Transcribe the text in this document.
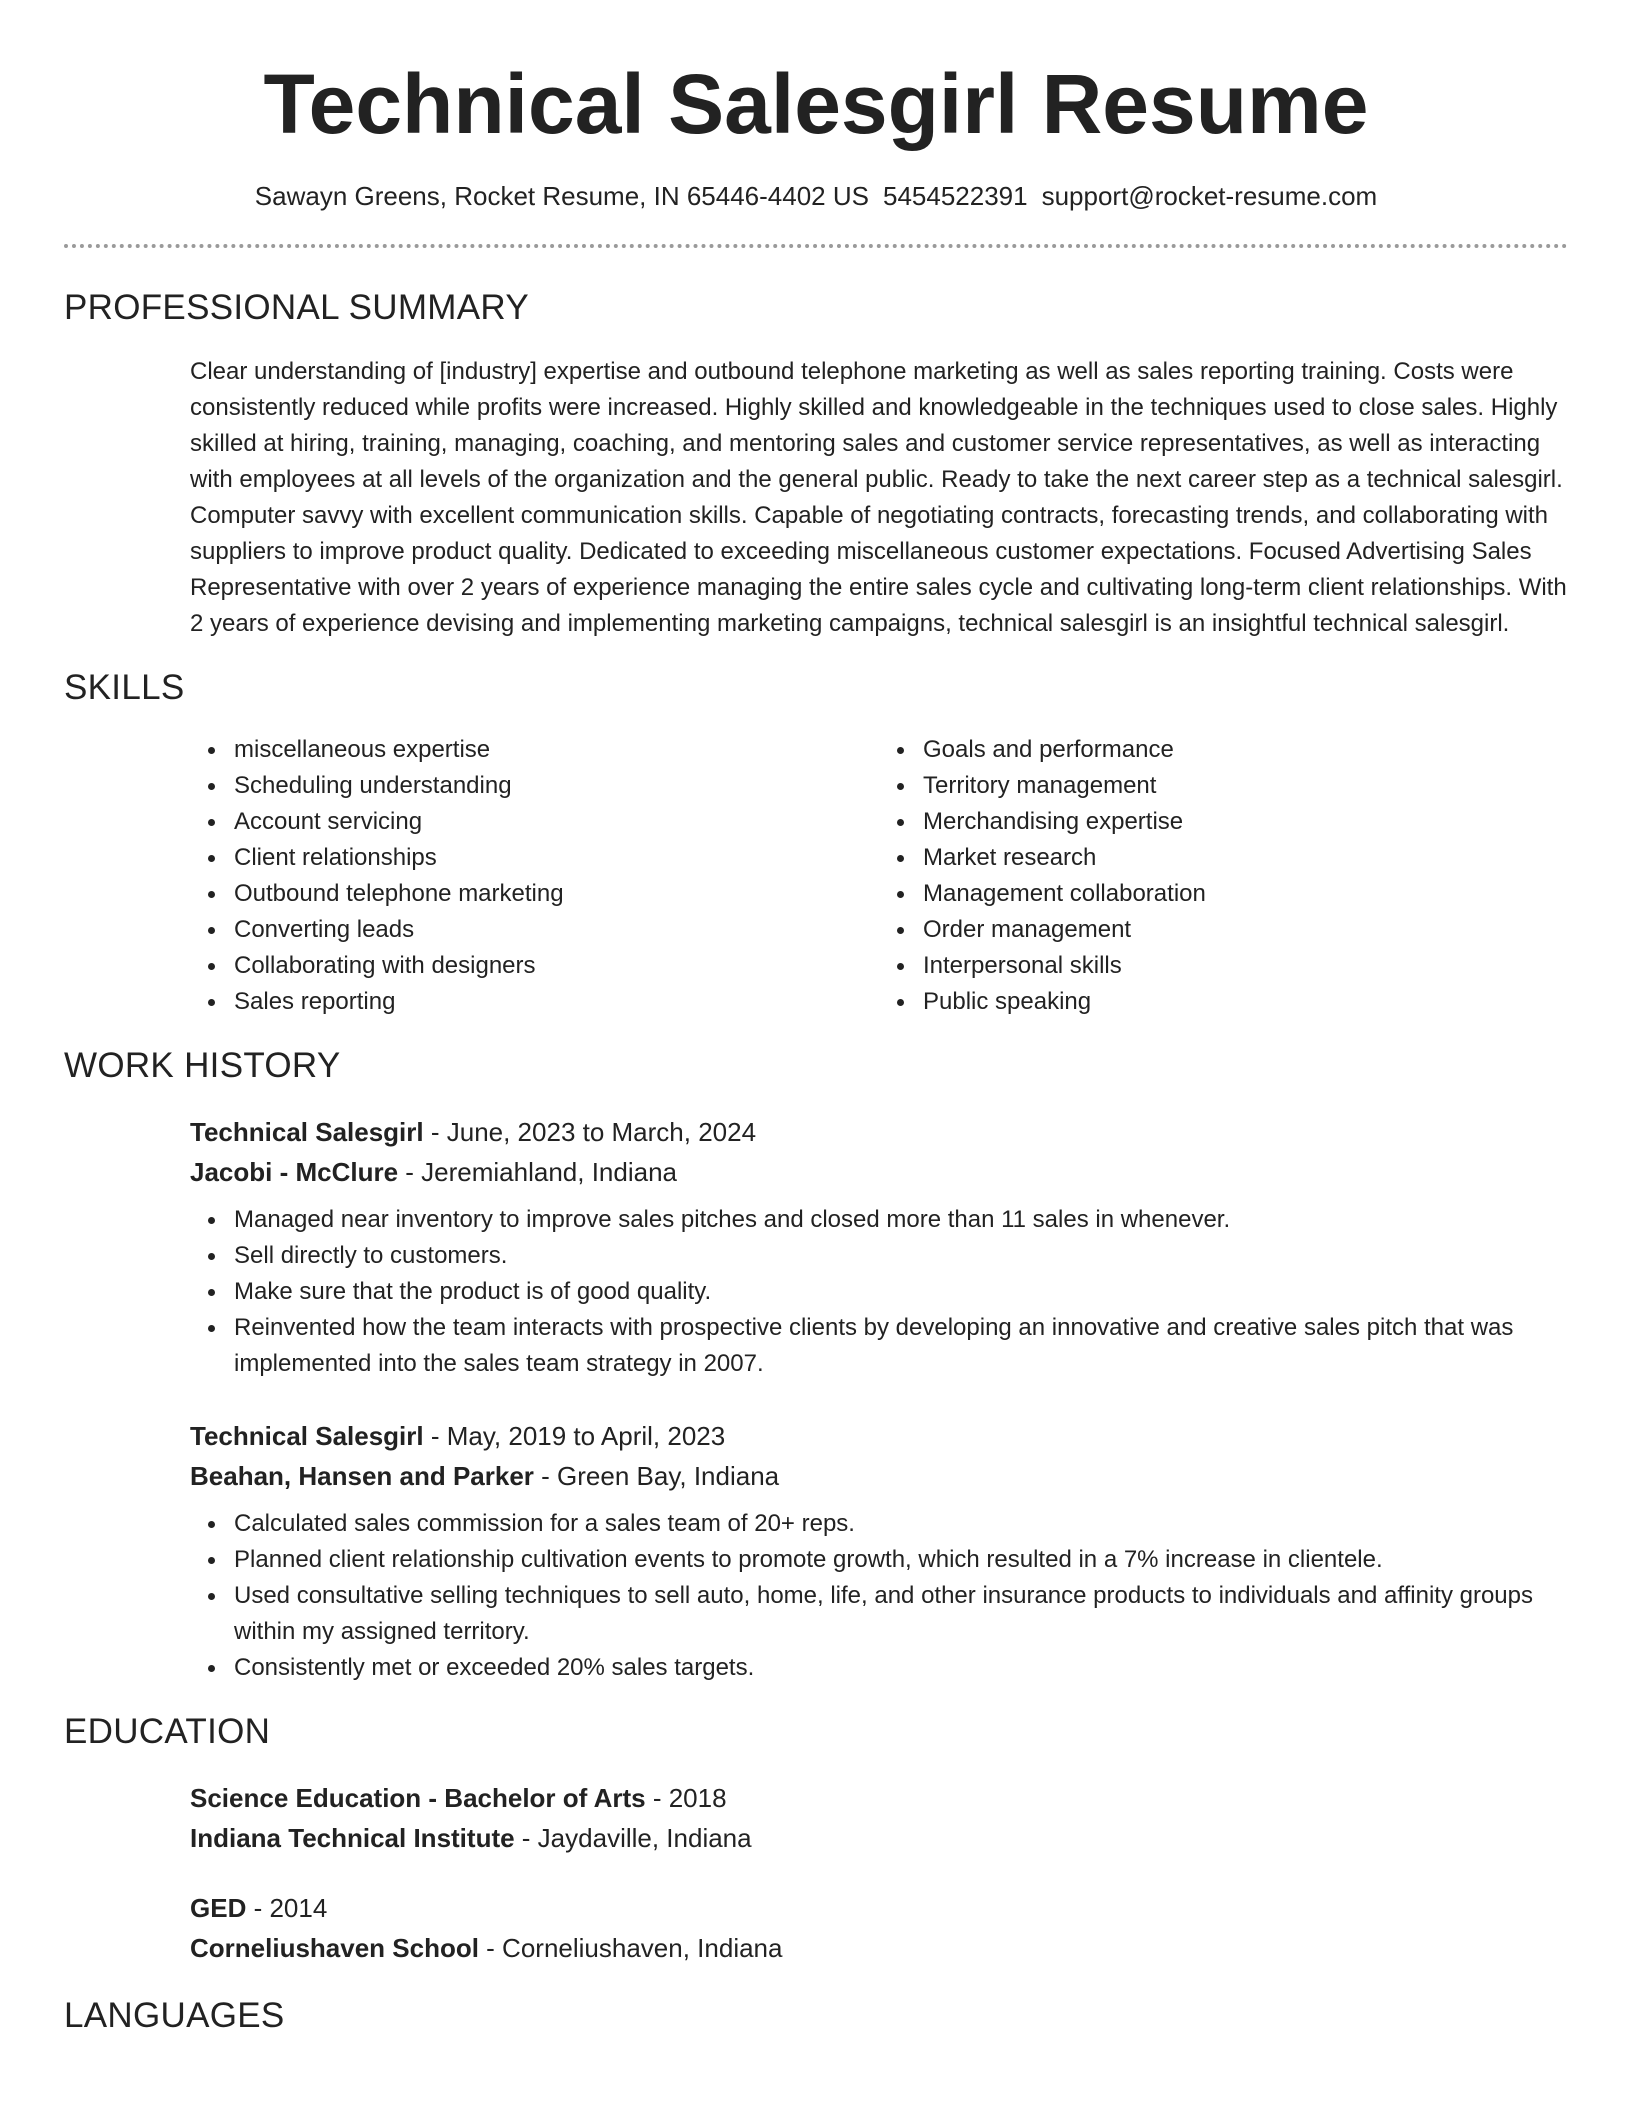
Technical Salesgirl Resume
Sawayn Greens, Rocket Resume, IN 65446-4402 US 5454522391 support@rocket-resume.com
PROFESSIONAL SUMMARY
Clear understanding of [industry] expertise and outbound telephone marketing as well as sales reporting training. Costs were consistently reduced while profits were increased. Highly skilled and knowledgeable in the techniques used to close sales. Highly skilled at hiring, training, managing, coaching, and mentoring sales and customer service representatives, as well as interacting with employees at all levels of the organization and the general public. Ready to take the next career step as a technical salesgirl. Computer savvy with excellent communication skills. Capable of negotiating contracts, forecasting trends, and collaborating with suppliers to improve product quality. Dedicated to exceeding miscellaneous customer expectations. Focused Advertising Sales Representative with over 2 years of experience managing the entire sales cycle and cultivating long-term client relationships. With 2 years of experience devising and implementing marketing campaigns, technical salesgirl is an insightful technical salesgirl.
SKILLS
miscellaneous expertise
Scheduling understanding
Account servicing
Client relationships
Outbound telephone marketing
Converting leads
Collaborating with designers
Sales reporting
Goals and performance
Territory management
Merchandising expertise
Market research
Management collaboration
Order management
Interpersonal skills
Public speaking
WORK HISTORY
Technical Salesgirl - June, 2023 to March, 2024
Jacobi - McClure - Jeremiahland, Indiana
Managed near inventory to improve sales pitches and closed more than 11 sales in whenever.
Sell directly to customers.
Make sure that the product is of good quality.
Reinvented how the team interacts with prospective clients by developing an innovative and creative sales pitch that was implemented into the sales team strategy in 2007.
Technical Salesgirl - May, 2019 to April, 2023
Beahan, Hansen and Parker - Green Bay, Indiana
Calculated sales commission for a sales team of 20+ reps.
Planned client relationship cultivation events to promote growth, which resulted in a 7% increase in clientele.
Used consultative selling techniques to sell auto, home, life, and other insurance products to individuals and affinity groups within my assigned territory.
Consistently met or exceeded 20% sales targets.
EDUCATION
Science Education - Bachelor of Arts - 2018
Indiana Technical Institute - Jaydaville, Indiana
GED - 2014
Corneliushaven School - Corneliushaven, Indiana
LANGUAGES
